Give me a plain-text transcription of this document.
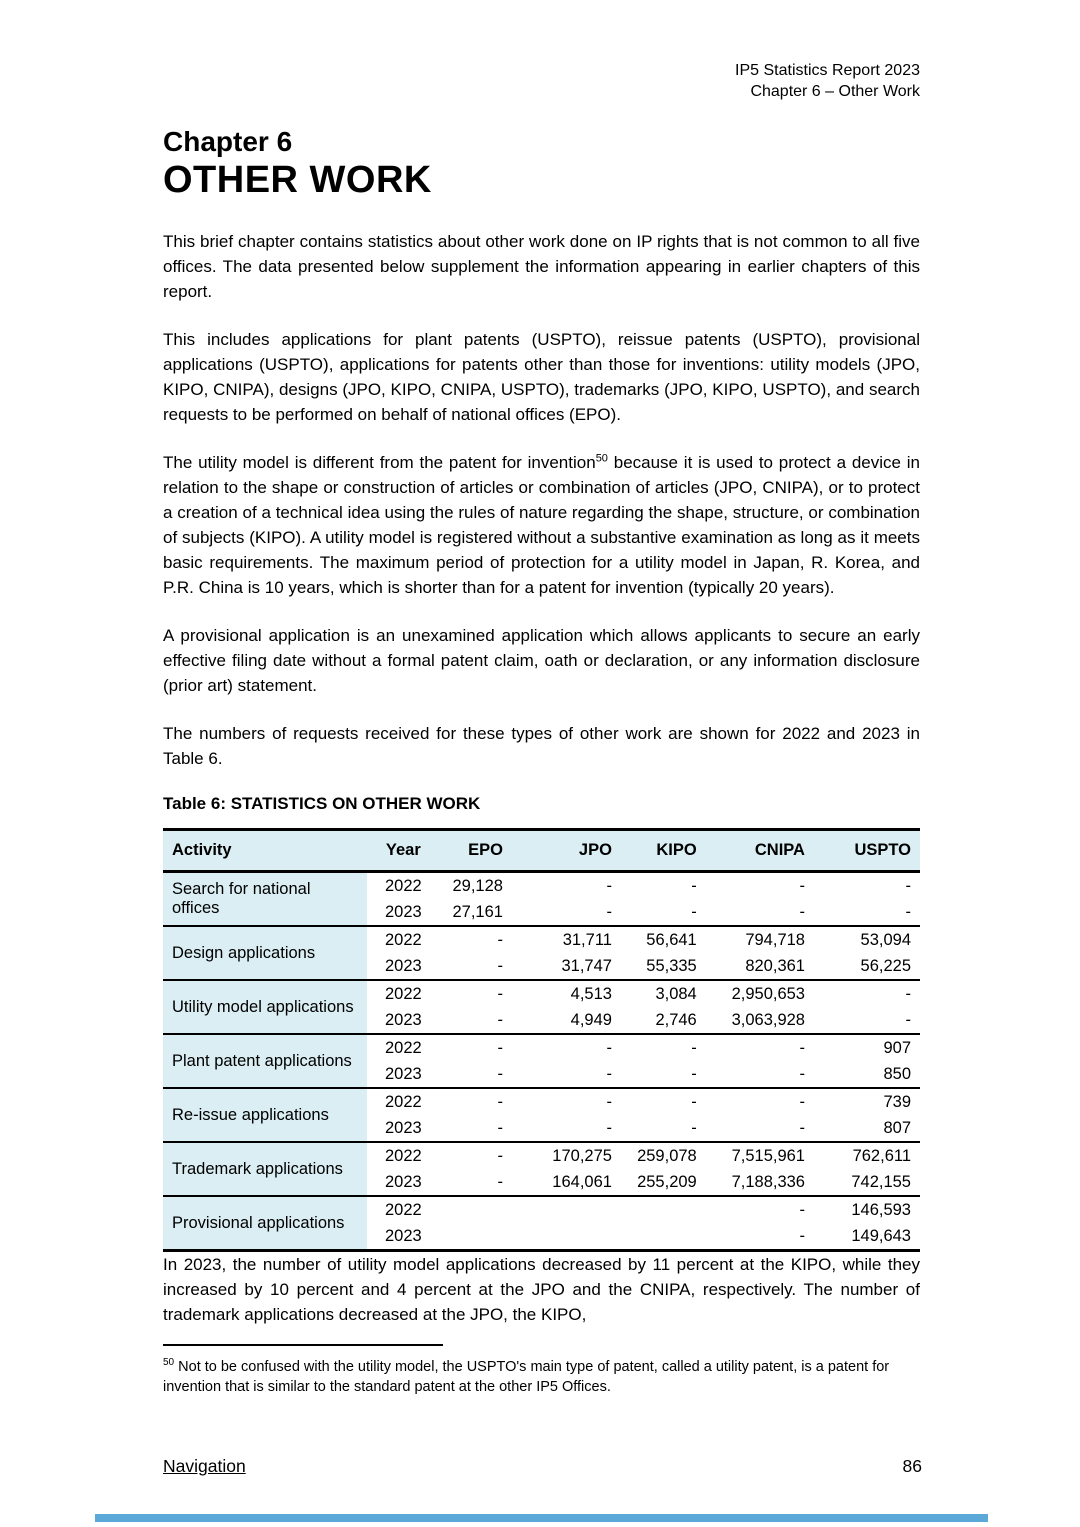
IP5 Statistics Report 2023
Chapter 6 – Other Work
Chapter 6
OTHER WORK

This brief chapter contains statistics about other work done on IP rights that is not common to all five offices. The data presented below supplement the information appearing in earlier chapters of this report.

This includes applications for plant patents (USPTO), reissue patents (USPTO), provisional applications (USPTO), applications for patents other than those for inventions: utility models (JPO, KIPO, CNIPA), designs (JPO, KIPO, CNIPA, USPTO), trademarks (JPO, KIPO, USPTO), and search requests to be performed on behalf of national offices (EPO).

The utility model is different from the patent for invention$^{50}$ because it is used to protect a device in relation to the shape or construction of articles or combination of articles (JPO, CNIPA), or to protect a creation of a technical idea using the rules of nature regarding the shape, structure, or combination of subjects (KIPO). A utility model is registered without a substantive examination as long as it meets basic requirements. The maximum period of protection for a utility model in Japan, R. Korea, and P.R. China is 10 years, which is shorter than for a patent for invention (typically 20 years).

A provisional application is an unexamined application which allows applicants to secure an early effective filing date without a formal patent claim, oath or declaration, or any information disclosure (prior art) statement.

The numbers of requests received for these types of other work are shown for 2022 and 2023 in Table 6.

Table 6: STATISTICS ON OTHER WORK

Activity	Year	EPO	JPO	KIPO	CNIPA	USPTO
Search for national offices	2022	29,128	-	-	-	-
	2023	27,161	-	-	-	-
Design applications	2022	-	31,711	56,641	794,718	53,094
	2023	-	31,747	55,335	820,361	56,225
Utility model applications	2022	-	4,513	3,084	2,950,653	-
	2023	-	4,949	2,746	3,063,928	-
Plant patent applications	2022	-	-	-	-	907
	2023	-	-	-	-	850
Re-issue applications	2022	-	-	-	-	739
	2023	-	-	-	-	807
Trademark applications	2022	-	170,275	259,078	7,515,961	762,611
	2023	-	164,061	255,209	7,188,336	742,155
Provisional applications	2022				-	146,593
	2023				-	149,643

In 2023, the number of utility model applications decreased by 11 percent at the KIPO, while they increased by 10 percent and 4 percent at the JPO and the CNIPA, respectively. The number of trademark applications decreased at the JPO, the KIPO,

$^{50}$ Not to be confused with the utility model, the USPTO's main type of patent, called a utility patent, is a patent for invention that is similar to the standard patent at the other IP5 Offices.

Navigation	86
